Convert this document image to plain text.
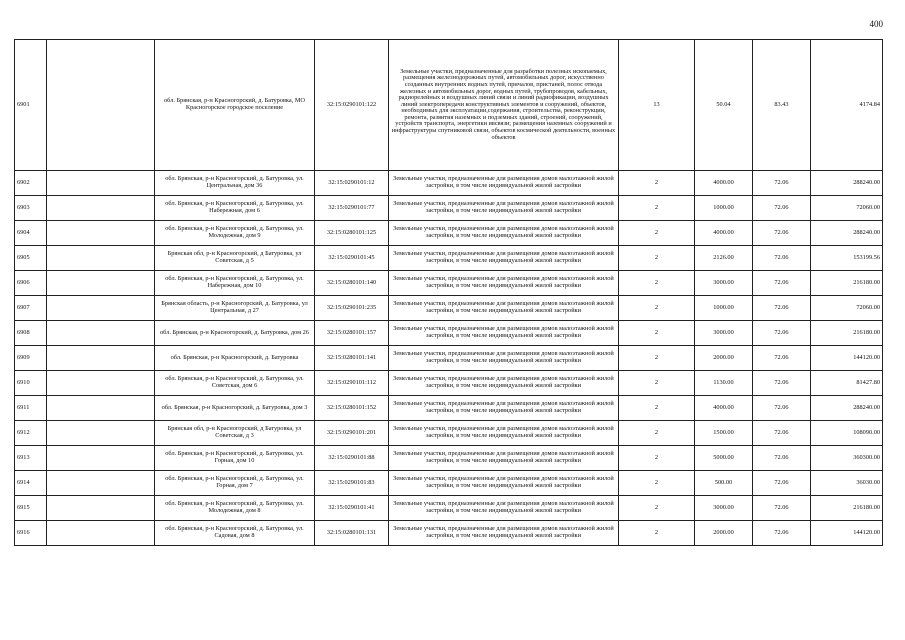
400
6901		обл. Брянская, р-н Красногорский, д. Батуровка, МО Красногорское городское поселение	32:15:0290101:122	Земельные участки, предназначенные для разработки полезных ископаемых, размещения железнодорожных путей, автомобильных дорог, искусственно созданных внутренних водных путей, причалов, пристаней, полос отвода железных и автомобильных дорог, водных путей, трубопроводов, кабельных, радиорелейных и воздушных линий связи и линий радиофикации, воздушных линий электропередачи конструктивных элементов и сооружений, объектов, необходимых для эксплуатации,содержания, строительства, реконструкции, ремонта, развития наземных и подземных зданий, строений, сооружений, устройств транспорта, энергетики ивсвязи; размещения наземных сооружений и инфраструктуры спутниковой связи, объектов космической деятельности, военных объектов	13	50.04	83.43	4174.84
6902		обл. Брянская, р-н Красногорский, д. Батуровка, ул. Центральная, дом 36	32:15:0290101:12	Земельные участки, предназначенные для размещения домов малоэтажной жилой застройки, в том числе индивидуальной жилой застройки	2	4000.00	72.06	288240.00
6903		обл. Брянская, р-н Красногорский, д. Батуровка, ул. Набережная, дом 6	32:15:0290101:77	Земельные участки, предназначенные для размещения домов малоэтажной жилой застройки, в том числе индивидуальной жилой застройки	2	1000.00	72.06	72060.00
6904		обл. Брянская, р-н Красногорский, д. Батуровка, ул. Молодежная, дом 9	32:15:0280101:125	Земельные участки, предназначенные для размещения домов малоэтажной жилой застройки, в том числе индивидуальной жилой застройки	2	4000.00	72.06	288240.00
6905		Брянская обл, р-н Красногорский, д Батуровка, ул Советская, д 5	32:15:0290101:45	Земельные участки, предназначенные для размещения домов малоэтажной жилой застройки, в том числе индивидуальной жилой застройки	2	2126.00	72.06	153199.56
6906		обл. Брянская, р-н Красногорский, д. Батуровка, ул. Набережная, дом 10	32:15:0280101:140	Земельные участки, предназначенные для размещения домов малоэтажной жилой застройки, в том числе индивидуальной жилой застройки	2	3000.00	72.06	216180.00
6907		Брянская область, р-н Красногорский, д. Батуровка, ул Центральная, д 27	32:15:0290101:235	Земельные участки, предназначенные для размещения домов малоэтажной жилой застройки, в том числе индивидуальной жилой застройки	2	1000.00	72.06	72060.00
6908		обл. Брянская, р-н Красногорский, д. Батуровка, дом 26	32:15:0280101:157	Земельные участки, предназначенные для размещения домов малоэтажной жилой застройки, в том числе индивидуальной жилой застройки	2	3000.00	72.06	216180.00
6909		обл. Брянская, р-н Красногорский, д. Батуровка	32:15:0280101:141	Земельные участки, предназначенные для размещения домов малоэтажной жилой застройки, в том числе индивидуальной жилой застройки	2	2000.00	72.06	144120.00
6910		обл. Брянская, р-н Красногорский, д. Батуровка, ул. Советская, дом 6	32:15:0290101:112	Земельные участки, предназначенные для размещения домов малоэтажной жилой застройки, в том числе индивидуальной жилой застройки	2	1130.00	72.06	81427.80
6911		обл. Брянская, р-н Красногорский, д. Батуровка, дом 3	32:15:0280101:152	Земельные участки, предназначенные для размещения домов малоэтажной жилой застройки, в том числе индивидуальной жилой застройки	2	4000.00	72.06	288240.00
6912		Брянская обл, р-н Красногорский, д Батуровка, ул Советская, д 3	32:15:0290101:201	Земельные участки, предназначенные для размещения домов малоэтажной жилой застройки, в том числе индивидуальной жилой застройки	2	1500.00	72.06	108090.00
6913		обл. Брянская, р-н Красногорский, д. Батуровка, ул. Горная, дом 10	32:15:0290101:88	Земельные участки, предназначенные для размещения домов малоэтажной жилой застройки, в том числе индивидуальной жилой застройки	2	5000.00	72.06	360300.00
6914		обл. Брянская, р-н Красногорский, д. Батуровка, ул. Горная, дом 7	32:15:0290101:83	Земельные участки, предназначенные для размещения домов малоэтажной жилой застройки, в том числе индивидуальной жилой застройки	2	500.00	72.06	36030.00
6915		обл. Брянская, р-н Красногорский, д. Батуровка, ул. Молодежная, дом 8	32:15:0290101:41	Земельные участки, предназначенные для размещения домов малоэтажной жилой застройки, в том числе индивидуальной жилой застройки	2	3000.00	72.06	216180.00
6916		обл. Брянская, р-н Красногорский, д. Батуровка, ул. Садовая, дом 8	32:15:0280101:131	Земельные участки, предназначенные для размещения домов малоэтажной жилой застройки, в том числе индивидуальной жилой застройки	2	2000.00	72.06	144120.00
